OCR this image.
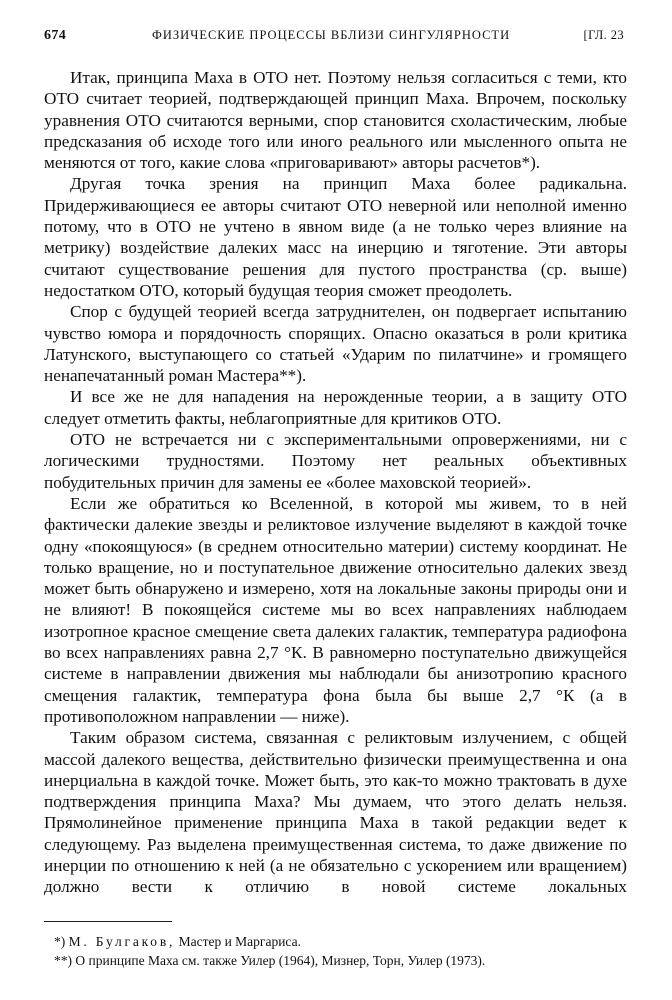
674	ФИЗИЧЕСКИЕ ПРОЦЕССЫ ВБЛИЗИ СИНГУЛЯРНОСТИ	[ГЛ. 23

Итак, принципа Маха в ОТО нет. Поэтому нельзя согласиться с теми, кто ОТО считает теорией, подтверждающей принцип Маха. Впрочем, поскольку уравнения ОТО считаются верными, спор становится схоластическим, любые предсказания об исходе того или иного реального или мысленного опыта не меняются от того, какие слова «приговаривают» авторы расчетов*).

Другая точка зрения на принцип Маха более радикальна. Придерживающиеся ее авторы считают ОТО неверной или неполной именно потому, что в ОТО не учтено в явном виде (а не только через влияние на метрику) воздействие далеких масс на инерцию и тяготение. Эти авторы считают существование решения для пустого пространства (ср. выше) недостатком ОТО, который будущая теория сможет преодолеть.

Спор с будущей теорией всегда затруднителен, он подвергает испытанию чувство юмора и порядочность спорящих. Опасно оказаться в роли критика Латунского, выступающего со статьей «Ударим по пилатчине» и громящего ненапечатанный роман Мастера**).

И все же не для нападения на нерожденные теории, а в защиту ОТО следует отметить факты, неблагоприятные для критиков ОТО.

ОТО не встречается ни с экспериментальными опровержениями, ни с логическими трудностями. Поэтому нет реальных объективных побудительных причин для замены ее «более маховской теорией».

Если же обратиться ко Вселенной, в которой мы живем, то в ней фактически далекие звезды и реликтовое излучение выделяют в каждой точке одну «покоящуюся» (в среднем относительно материи) систему координат. Не только вращение, но и поступательное движение относительно далеких звезд может быть обнаружено и измерено, хотя на локальные законы природы они и не влияют! В покоящейся системе мы во всех направлениях наблюдаем изотропное красное смещение света далеких галактик, температура радиофона во всех направлениях равна 2,7 °К. В равномерно поступательно движущейся системе в направлении движения мы наблюдали бы анизотропию красного смещения галактик, температура фона была бы выше 2,7 °К (а в противоположном направлении — ниже).

Таким образом система, связанная с реликтовым излучением, с общей массой далекого вещества, действительно физически преимущественна и она инерциальна в каждой точке. Может быть, это как-то можно трактовать в духе подтверждения принципа Маха? Мы думаем, что этого делать нельзя. Прямолинейное применение принципа Маха в такой редакции ведет к следующему. Раз выделена преимущественная система, то даже движение по инерции по отношению к ней (а не обязательно с ускорением или вращением) должно вести к отличию в новой системе локальных

*) М. Булгаков, Мастер и Маргариса.
**) О принципе Маха см. также Уилер (1964), Мизнер, Торн, Уилер (1973).
